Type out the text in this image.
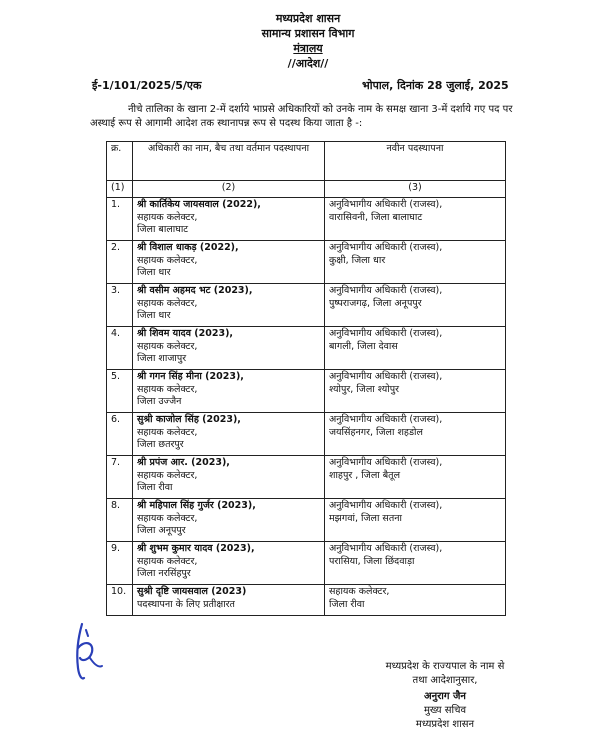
मध्यप्रदेश शासन
सामान्य प्रशासन विभाग
मंत्रालय
//आदेश//
ई-1/101/2025/5/एक	भोपाल, दिनांक 28 जुलाई, 2025

नीचे तालिका के खाना 2-में दर्शाये भाप्रसे अधिकारियों को उनके नाम के समक्ष खाना 3-में दर्शाये गए पद पर अस्थाई रूप से आगामी आदेश तक स्थानापन्न रूप से पदस्थ किया जाता है -:

क्र.	अधिकारी का नाम, बैच तथा वर्तमान पदस्थापना	नवीन पदस्थापना
(1)	(2)	(3)
1.	श्री कार्तिकेय जायसवाल (2022),
सहायक कलेक्टर,
जिला बालाघाट	अनुविभागीय अधिकारी (राजस्व),
वारासिवनी, जिला बालाघाट

2.	श्री विशाल धाकड़ (2022),
सहायक कलेक्टर,
जिला धार	अनुविभागीय अधिकारी (राजस्व),
कुक्षी, जिला धार

3.	श्री वसीम अहमद भट (2023),
सहायक कलेक्टर,
जिला धार	अनुविभागीय अधिकारी (राजस्व),
पुष्पराजगढ़, जिला अनूपपुर

4.	श्री शिवम यादव (2023),
सहायक कलेक्टर,
जिला शाजापुर	अनुविभागीय अधिकारी (राजस्व),
बागली, जिला देवास

5.	श्री गगन सिंह मीना (2023),
सहायक कलेक्टर,
जिला उज्जैन	अनुविभागीय अधिकारी (राजस्व),
श्योपुर, जिला श्योपुर

6.	सुश्री काजोल सिंह (2023),
सहायक कलेक्टर,
जिला छतरपुर	अनुविभागीय अधिकारी (राजस्व),
जयसिंहनगर, जिला शहडोल

7.	श्री प्रपंज आर. (2023),
सहायक कलेक्टर,
जिला रीवा	अनुविभागीय अधिकारी (राजस्व),
शाहपुर , जिला बैतूल

8.	श्री महिपाल सिंह गुर्जर (2023),
सहायक कलेक्टर,
जिला अनूपपुर	अनुविभागीय अधिकारी (राजस्व),
मझगवां, जिला सतना

9.	श्री शुभम कुमार यादव (2023),
सहायक कलेक्टर,
जिला नरसिंहपुर	अनुविभागीय अधिकारी (राजस्व),
परासिया, जिला छिंदवाड़ा

10.	सुश्री दृष्टि जायसवाल (2023)
पदस्थापना के लिए प्रतीक्षारत	सहायक कलेक्टर,
जिला रीवा
मध्यप्रदेश के राज्यपाल के नाम से
तथा आदेशानुसार,
अनुराग जैन
मुख्य सचिव
मध्यप्रदेश शासन
